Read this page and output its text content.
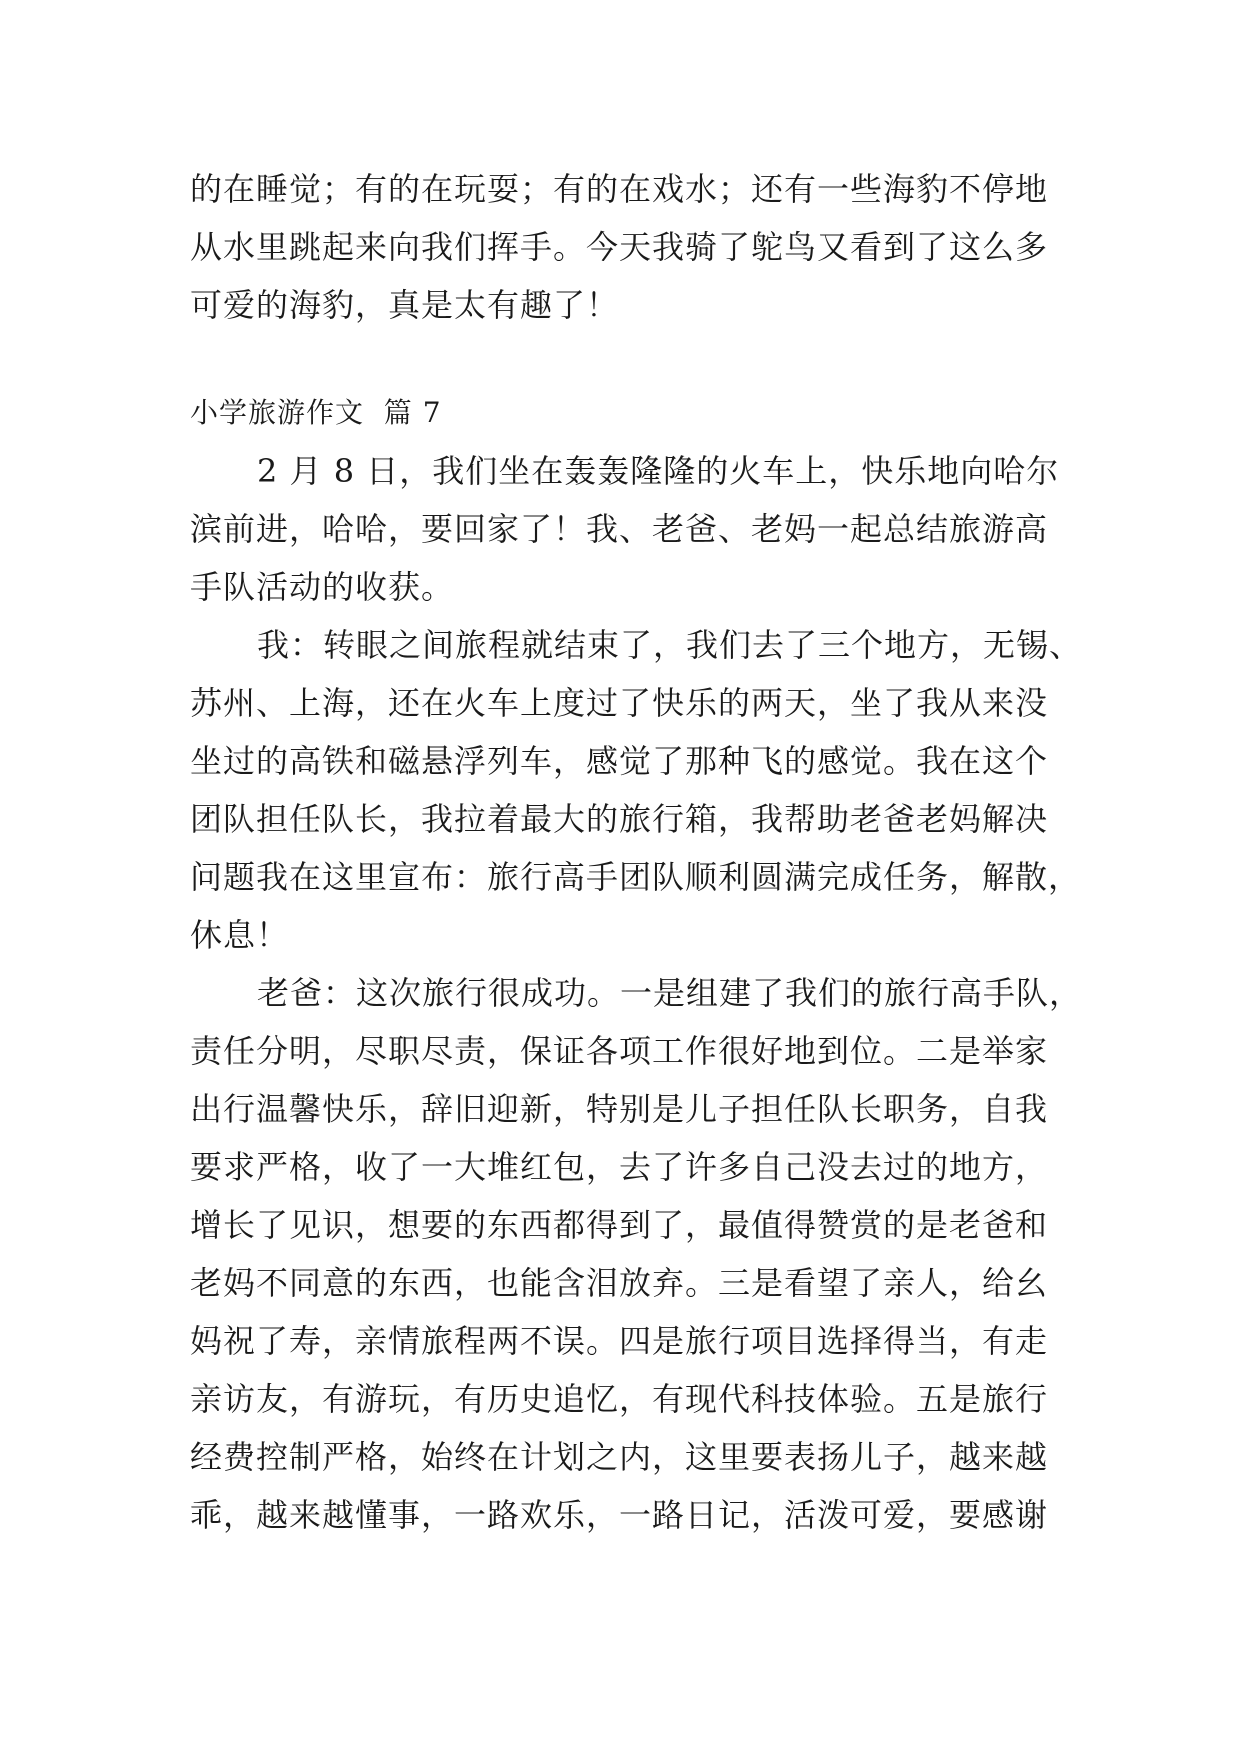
的在睡觉；有的在玩耍；有的在戏水；还有一些海豹不停地
从水里跳起来向我们挥手。今天我骑了鸵鸟又看到了这么多
可爱的海豹，真是太有趣了！
小学旅游作文  篇 7
2 月 8 日，我们坐在轰轰隆隆的火车上，快乐地向哈尔
滨前进，哈哈，要回家了！我、老爸、老妈一起总结旅游高
手队活动的收获。
我：转眼之间旅程就结束了，我们去了三个地方，无锡、
苏州、上海，还在火车上度过了快乐的两天，坐了我从来没
坐过的高铁和磁悬浮列车，感觉了那种飞的感觉。我在这个
团队担任队长，我拉着最大的旅行箱，我帮助老爸老妈解决
问题我在这里宣布：旅行高手团队顺利圆满完成任务，解散，
休息！
老爸：这次旅行很成功。一是组建了我们的旅行高手队，
责任分明，尽职尽责，保证各项工作很好地到位。二是举家
出行温馨快乐，辞旧迎新，特别是儿子担任队长职务，自我
要求严格，收了一大堆红包，去了许多自己没去过的地方，
增长了见识，想要的东西都得到了，最值得赞赏的是老爸和
老妈不同意的东西，也能含泪放弃。三是看望了亲人，给幺
妈祝了寿，亲情旅程两不误。四是旅行项目选择得当，有走
亲访友，有游玩，有历史追忆，有现代科技体验。五是旅行
经费控制严格，始终在计划之内，这里要表扬儿子，越来越
乖，越来越懂事，一路欢乐，一路日记，活泼可爱，要感谢
